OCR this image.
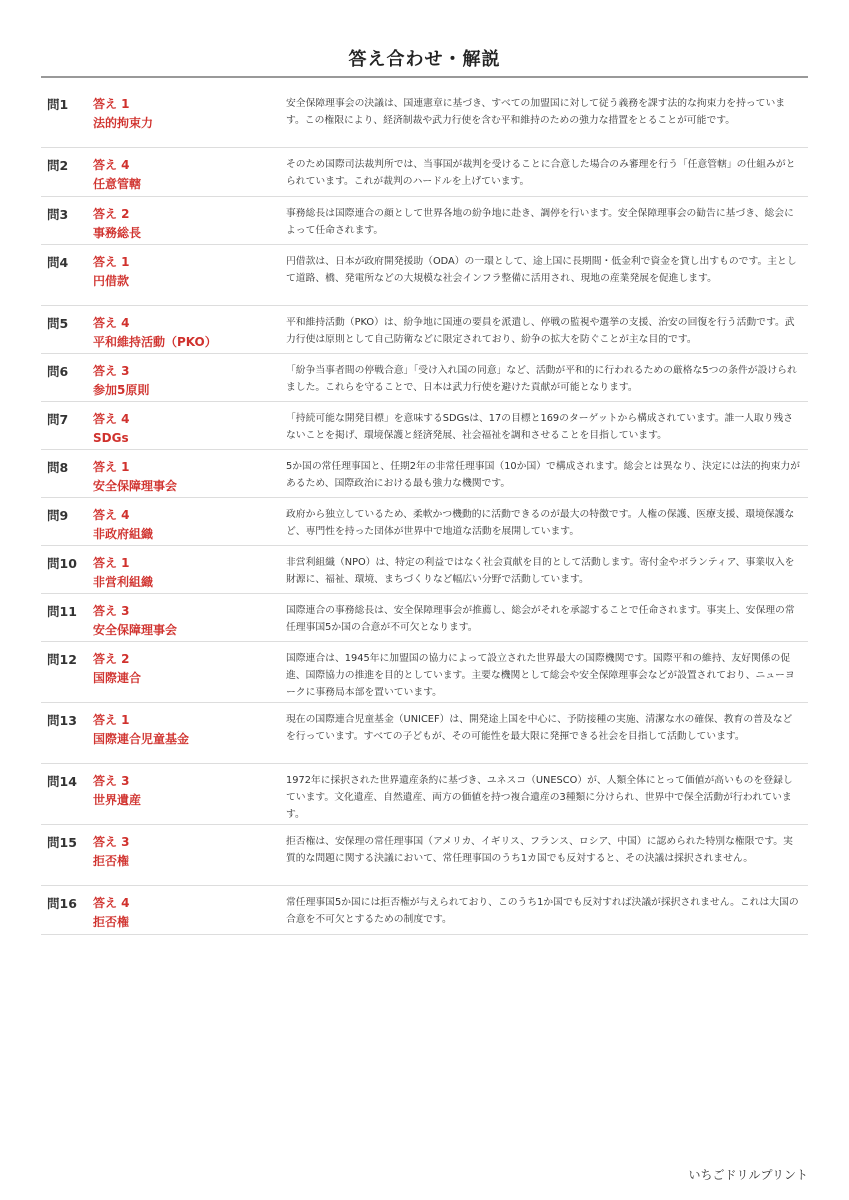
答え合わせ・解説
問1 答え 1
法的拘束力
安全保障理事会の決議は、国連憲章に基づき、すべての加盟国に対して従う義務を課す法的な拘束力を持っています。この権限により、経済制裁や武力行使を含む平和維持のための強力な措置をとることが可能です。
問2 答え 4
任意管轄
そのため国際司法裁判所では、当事国が裁判を受けることに合意した場合のみ審理を行う「任意管轄」の仕組みがとられています。これが裁判のハードルを上げています。
問3 答え 2
事務総長
事務総長は国際連合の顔として世界各地の紛争地に赴き、調停を行います。安全保障理事会の勧告に基づき、総会によって任命されます。
問4 答え 1
円借款
円借款は、日本が政府開発援助（ODA）の一環として、途上国に長期間・低金利で資金を貸し出すものです。主として道路、橋、発電所などの大規模な社会インフラ整備に活用され、現地の産業発展を促進します。
問5 答え 4
平和維持活動（PKO）
平和維持活動（PKO）は、紛争地に国連の要員を派遣し、停戦の監視や選挙の支援、治安の回復を行う活動です。武力行使は原則として自己防衛などに限定されており、紛争の拡大を防ぐことが主な目的です。
問6 答え 3
参加5原則
「紛争当事者間の停戦合意」「受け入れ国の同意」など、活動が平和的に行われるための厳格な5つの条件が設けられました。これらを守ることで、日本は武力行使を避けた貢献が可能となります。
問7 答え 4
SDGs
「持続可能な開発目標」を意味するSDGsは、17の目標と169のターゲットから構成されています。誰一人取り残さないことを掲げ、環境保護と経済発展、社会福祉を調和させることを目指しています。
問8 答え 1
安全保障理事会
5か国の常任理事国と、任期2年の非常任理事国（10か国）で構成されます。総会とは異なり、決定には法的拘束力があるため、国際政治における最も強力な機関です。
問9 答え 4
非政府組織
政府から独立しているため、柔軟かつ機動的に活動できるのが最大の特徴です。人権の保護、医療支援、環境保護など、専門性を持った団体が世界中で地道な活動を展開しています。
問10 答え 1
非営利組織
非営利組織（NPO）は、特定の利益ではなく社会貢献を目的として活動します。寄付金やボランティア、事業収入を財源に、福祉、環境、まちづくりなど幅広い分野で活動しています。
問11 答え 3
安全保障理事会
国際連合の事務総長は、安全保障理事会が推薦し、総会がそれを承認することで任命されます。事実上、安保理の常任理事国5か国の合意が不可欠となります。
問12 答え 2
国際連合
国際連合は、1945年に加盟国の協力によって設立された世界最大の国際機関です。国際平和の維持、友好関係の促進、国際協力の推進を目的としています。主要な機関として総会や安全保障理事会などが設置されており、ニューヨークに事務局本部を置いています。
問13 答え 1
国際連合児童基金
現在の国際連合児童基金（UNICEF）は、開発途上国を中心に、予防接種の実施、清潔な水の確保、教育の普及などを行っています。すべての子どもが、その可能性を最大限に発揮できる社会を目指して活動しています。
問14 答え 3
世界遺産
1972年に採択された世界遺産条約に基づき、ユネスコ（UNESCO）が、人類全体にとって価値が高いものを登録しています。文化遺産、自然遺産、両方の価値を持つ複合遺産の3種類に分けられ、世界中で保全活動が行われています。
問15 答え 3
拒否権
拒否権は、安保理の常任理事国（アメリカ、イギリス、フランス、ロシア、中国）に認められた特別な権限です。実質的な問題に関する決議において、常任理事国のうち1カ国でも反対すると、その決議は採択されません。
問16 答え 4
拒否権
常任理事国5か国には拒否権が与えられており、このうち1か国でも反対すれば決議が採択されません。これは大国の合意を不可欠とするための制度です。
いちごドリルプリント
